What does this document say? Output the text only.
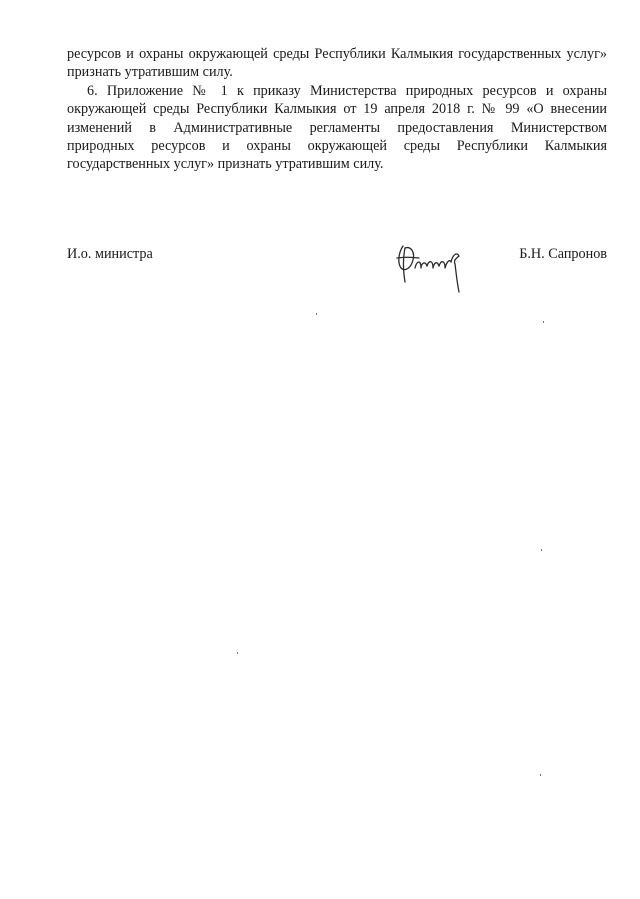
ресурсов и охраны окружающей среды Республики Калмыкия государственных услуг» признать утратившим силу.

6. Приложение № 1 к приказу Министерства природных ресурсов и охраны окружающей среды Республики Калмыкия от 19 апреля 2018 г. № 99 «О внесении изменений в Административные регламенты предоставления Министерством природных ресурсов и охраны окружающей среды Республики Калмыкия государственных услуг» признать утратившим силу.

И.о. министра	Б.Н. Сапронов
